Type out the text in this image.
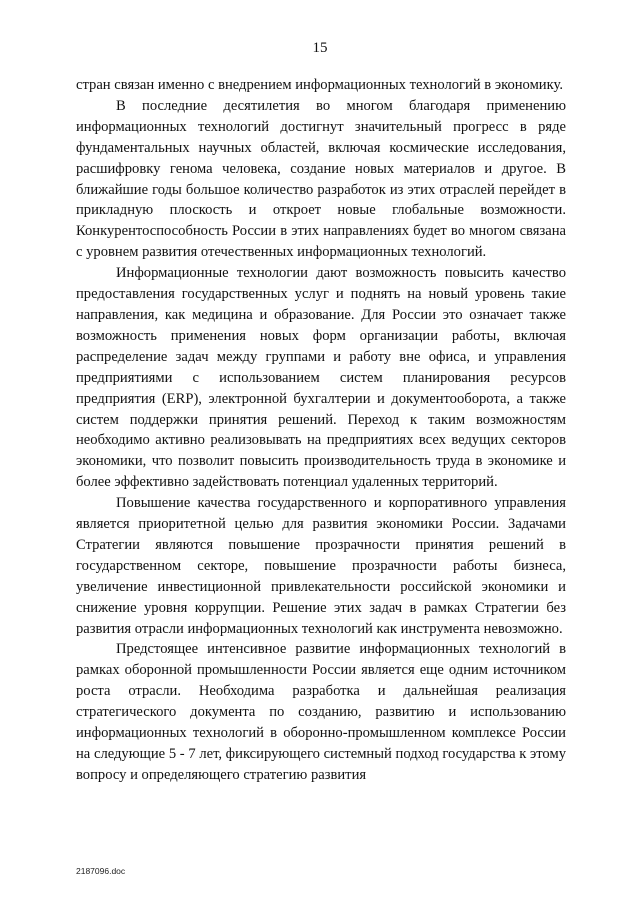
15

стран связан именно с внедрением информационных технологий в экономику.

В последние десятилетия во многом благодаря применению информационных технологий достигнут значительный прогресс в ряде фундаментальных научных областей, включая космические исследования, расшифровку генома человека, создание новых материалов и другое. В ближайшие годы большое количество разработок из этих отраслей перейдет в прикладную плоскость и откроет новые глобальные возможности. Конкурентоспособность России в этих направлениях будет во многом связана с уровнем развития отечественных информационных технологий.

Информационные технологии дают возможность повысить качество предоставления государственных услуг и поднять на новый уровень такие направления, как медицина и образование. Для России это означает также возможность применения новых форм организации работы, включая распределение задач между группами и работу вне офиса, и управления предприятиями с использованием систем планирования ресурсов предприятия (ERP), электронной бухгалтерии и документооборота, а также систем поддержки принятия решений. Переход к таким возможностям необходимо активно реализовывать на предприятиях всех ведущих секторов экономики, что позволит повысить производительность труда в экономике и более эффективно задействовать потенциал удаленных территорий.

Повышение качества государственного и корпоративного управления является приоритетной целью для развития экономики России. Задачами Стратегии являются повышение прозрачности принятия решений в государственном секторе, повышение прозрачности работы бизнеса, увеличение инвестиционной привлекательности российской экономики и снижение уровня коррупции. Решение этих задач в рамках Стратегии без развития отрасли информационных технологий как инструмента невозможно.

Предстоящее интенсивное развитие информационных технологий в рамках оборонной промышленности России является еще одним источником роста отрасли. Необходима разработка и дальнейшая реализация стратегического документа по созданию, развитию и использованию информационных технологий в оборонно-промышленном комплексе России на следующие 5 - 7 лет, фиксирующего системный подход государства к этому вопросу и определяющего стратегию развития

2187096.doc
